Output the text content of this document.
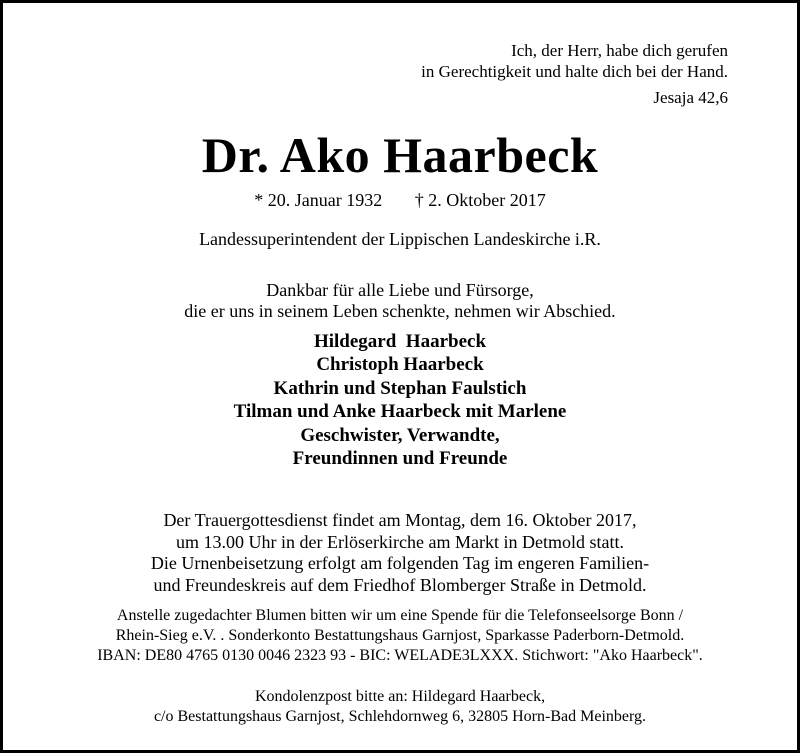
Ich, der Herr, habe dich gerufen
in Gerechtigkeit und halte dich bei der Hand.
Jesaja 42,6
Dr. Ako Haarbeck
* 20. Januar 1932 † 2. Oktober 2017
Landessuperintendent der Lippischen Landeskirche i.R.
Dankbar für alle Liebe und Fürsorge,
die er uns in seinem Leben schenkte, nehmen wir Abschied.
Hildegard  Haarbeck
Christoph Haarbeck
Kathrin und Stephan Faulstich
Tilman und Anke Haarbeck mit Marlene
Geschwister, Verwandte,
Freundinnen und Freunde
Der Trauergottesdienst findet am Montag, dem 16. Oktober 2017,
um 13.00 Uhr in der Erlöserkirche am Markt in Detmold statt.
Die Urnenbeisetzung erfolgt am folgenden Tag im engeren Familien-
und Freundeskreis auf dem Friedhof Blomberger Straße in Detmold.
Anstelle zugedachter Blumen bitten wir um eine Spende für die Telefonseelsorge Bonn /
Rhein-Sieg e.V. . Sonderkonto Bestattungshaus Garnjost, Sparkasse Paderborn-Detmold.
IBAN: DE80 4765 0130 0046 2323 93 - BIC: WELADE3LXXX. Stichwort: "Ako Haarbeck".
Kondolenzpost bitte an: Hildegard Haarbeck,
c/o Bestattungshaus Garnjost, Schlehdornweg 6, 32805 Horn-Bad Meinberg.
